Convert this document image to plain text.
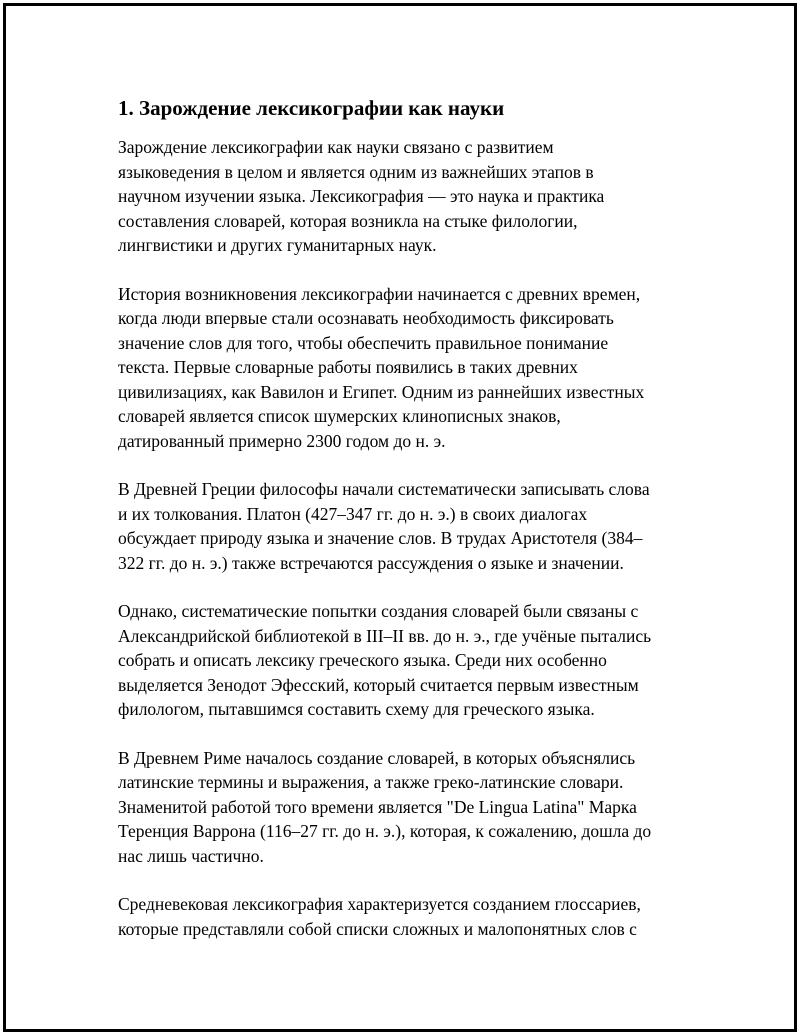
1. Зарождение лексикографии как науки
Зарождение лексикографии как науки связано с развитием
языковедения в целом и является одним из важнейших этапов в
научном изучении языка. Лексикография — это наука и практика
составления словарей, которая возникла на стыке филологии,
лингвистики и других гуманитарных наук.
История возникновения лексикографии начинается с древних времен,
когда люди впервые стали осознавать необходимость фиксировать
значение слов для того, чтобы обеспечить правильное понимание
текста. Первые словарные работы появились в таких древних
цивилизациях, как Вавилон и Египет. Одним из раннейших известных
словарей является список шумерских клинописных знаков,
датированный примерно 2300 годом до н. э.
В Древней Греции философы начали систематически записывать слова
и их толкования. Платон (427–347 гг. до н. э.) в своих диалогах
обсуждает природу языка и значение слов. В трудах Аристотеля (384–
322 гг. до н. э.) также встречаются рассуждения о языке и значении.
Однако, систематические попытки создания словарей были связаны с
Александрийской библиотекой в III–II вв. до н. э., где учёные пытались
собрать и описать лексику греческого языка. Среди них особенно
выделяется Зенодот Эфесский, который считается первым известным
филологом, пытавшимся составить схему для греческого языка.
В Древнем Риме началось создание словарей, в которых объяснялись
латинские термины и выражения, а также греко-латинские словари.
Знаменитой работой того времени является "De Lingua Latina" Марка
Теренция Варрона (116–27 гг. до н. э.), которая, к сожалению, дошла до
нас лишь частично.
Средневековая лексикография характеризуется созданием глоссариев,
которые представляли собой списки сложных и малопонятных слов с
